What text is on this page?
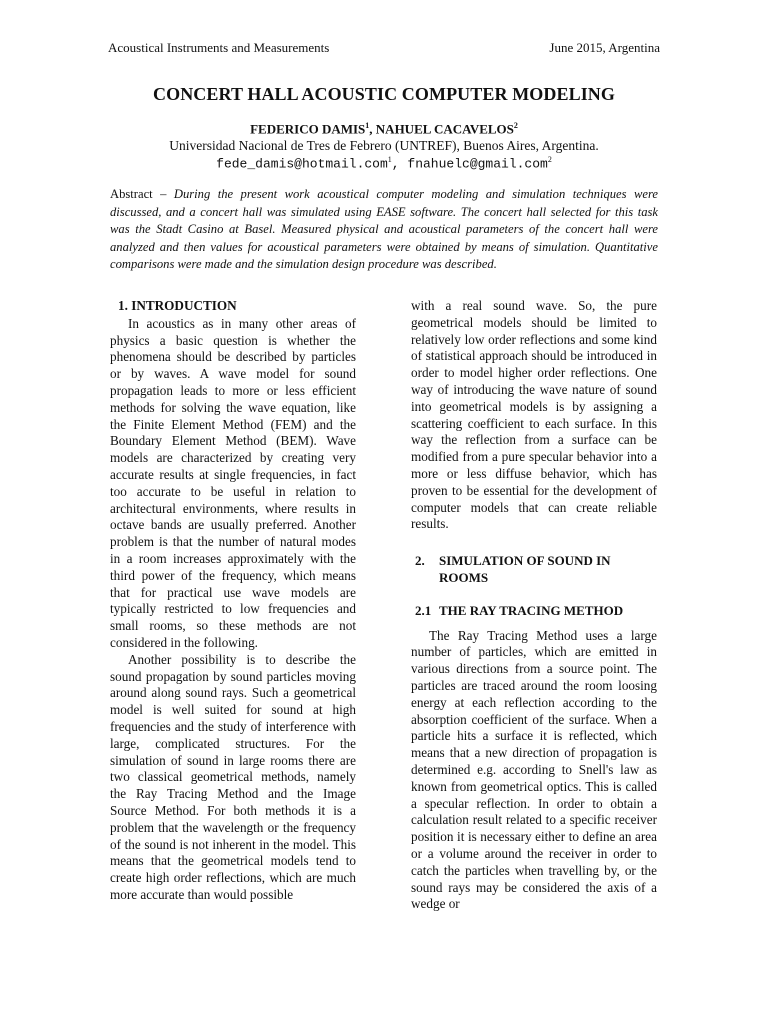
Acoustical Instruments and Measurements	June 2015, Argentina
CONCERT HALL ACOUSTIC COMPUTER MODELING
FEDERICO DAMIS$^1$, NAHUEL CACAVELOS$^2$
Universidad Nacional de Tres de Febrero (UNTREF), Buenos Aires, Argentina.
fede_damis@hotmail.com$^1$, fnahuelc@gmail.com$^2$

Abstract – During the present work acoustical computer modeling and simulation techniques were discussed, and a concert hall was simulated using EASE software. The concert hall selected for this task was the Stadt Casino at Basel. Measured physical and acoustical parameters of the concert hall were analyzed and then values for acoustical parameters were obtained by means of simulation. Quantitative comparisons were made and the simulation design procedure was described.

1. INTRODUCTION

In acoustics as in many other areas of physics a basic question is whether the phenomena should be described by particles or by waves. A wave model for sound propagation leads to more or less efficient methods for solving the wave equation, like the Finite Element Method (FEM) and the Boundary Element Method (BEM). Wave models are characterized by creating very accurate results at single frequencies, in fact too accurate to be useful in relation to architectural environments, where results in octave bands are usually preferred. Another problem is that the number of natural modes in a room increases approximately with the third power of the frequency, which means that for practical use wave models are typically restricted to low frequencies and small rooms, so these methods are not considered in the following.

Another possibility is to describe the sound propagation by sound particles moving around along sound rays. Such a geometrical model is well suited for sound at high frequencies and the study of interference with large, complicated structures. For the simulation of sound in large rooms there are two classical geometrical methods, namely the Ray Tracing Method and the Image Source Method. For both methods it is a problem that the wavelength or the frequency of the sound is not inherent in the model. This means that the geometrical models tend to create high order reflections, which are much more accurate than would possible

with a real sound wave. So, the pure geometrical models should be limited to relatively low order reflections and some kind of statistical approach should be introduced in order to model higher order reflections. One way of introducing the wave nature of sound into geometrical models is by assigning a scattering coefficient to each surface. In this way the reflection from a surface can be modified from a pure specular behavior into a more or less diffuse behavior, which has proven to be essential for the development of computer models that can create reliable results.

2. SIMULATION OF SOUND IN ROOMS
2.1 THE RAY TRACING METHOD

The Ray Tracing Method uses a large number of particles, which are emitted in various directions from a source point. The particles are traced around the room loosing energy at each reflection according to the absorption coefficient of the surface. When a particle hits a surface it is reflected, which means that a new direction of propagation is determined e.g. according to Snell's law as known from geometrical optics. This is called a specular reflection. In order to obtain a calculation result related to a specific receiver position it is necessary either to define an area or a volume around the receiver in order to catch the particles when travelling by, or the sound rays may be considered the axis of a wedge or
